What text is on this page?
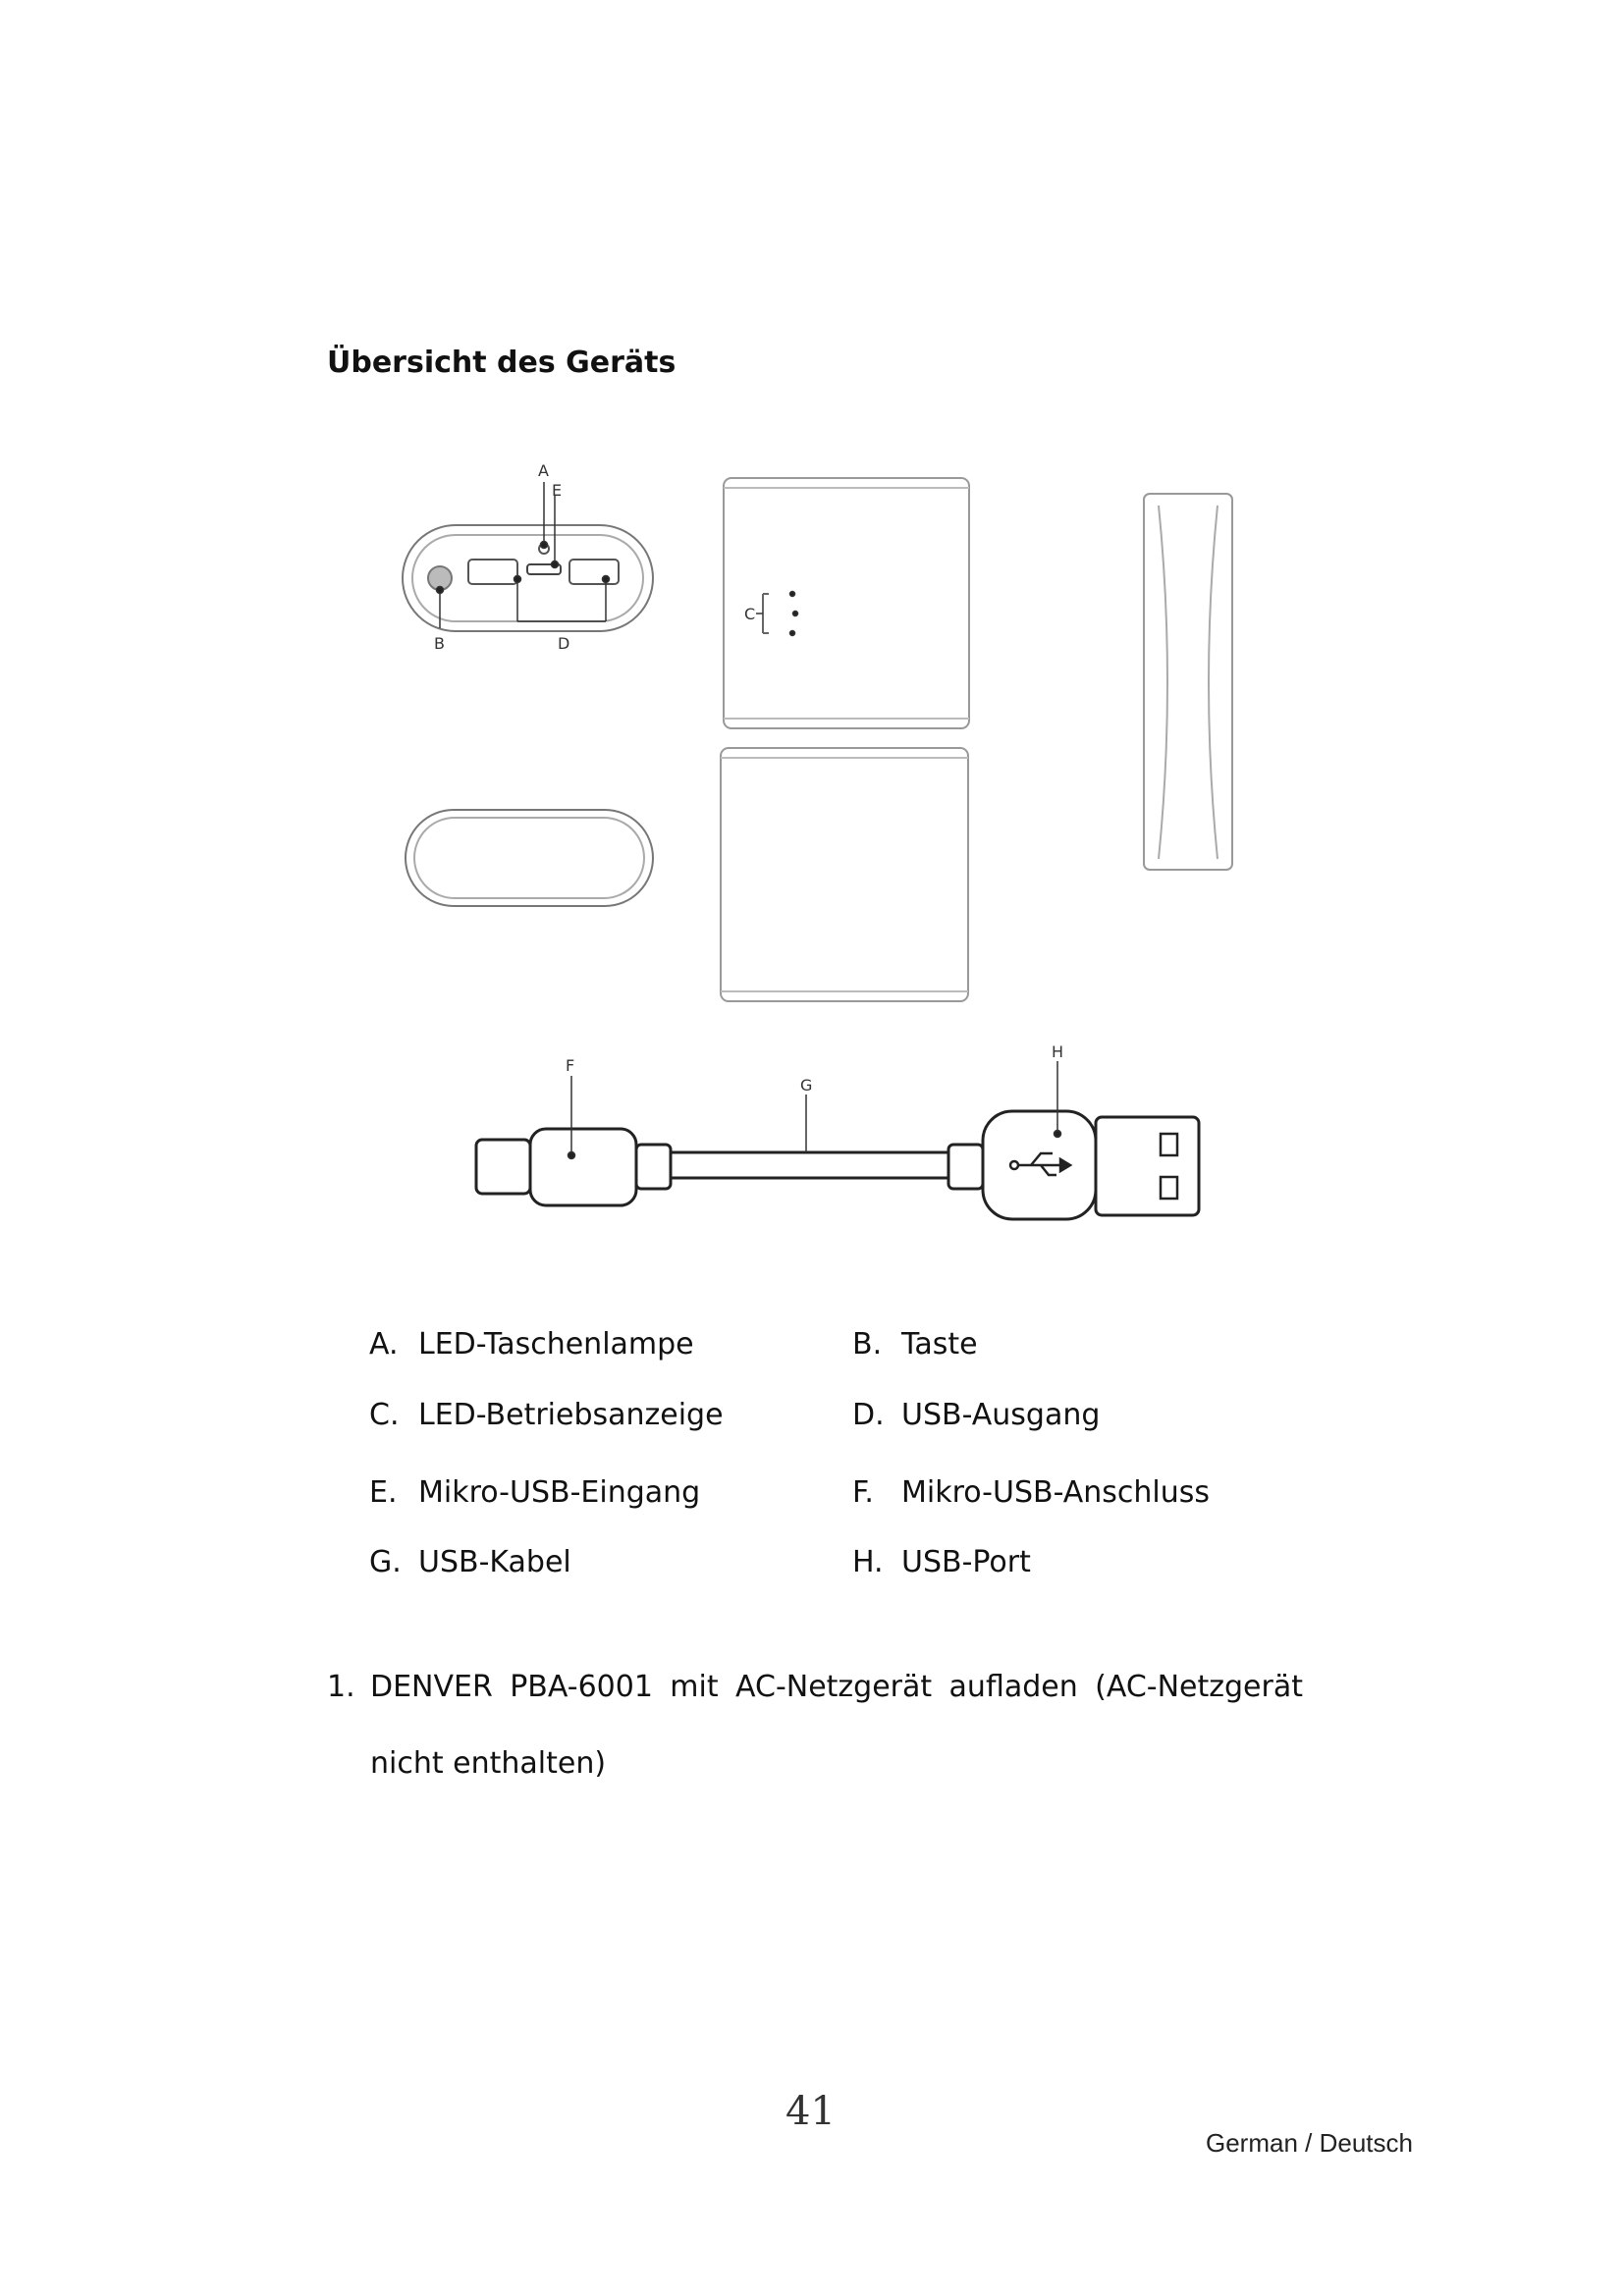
Übersicht des Geräts
A
E
B	D
C
F
G
H
A. LED-Taschenlampe	B. Taste
C. LED-Betriebsanzeige	D. USB-Ausgang
E. Mikro-USB-Eingang	F. Mikro-USB-Anschluss
G. USB-Kabel	H. USB-Port
1. DENVER PBA-6001 mit AC-Netzgerät aufladen (AC-Netzgerät nicht enthalten)
41
German / Deutsch
